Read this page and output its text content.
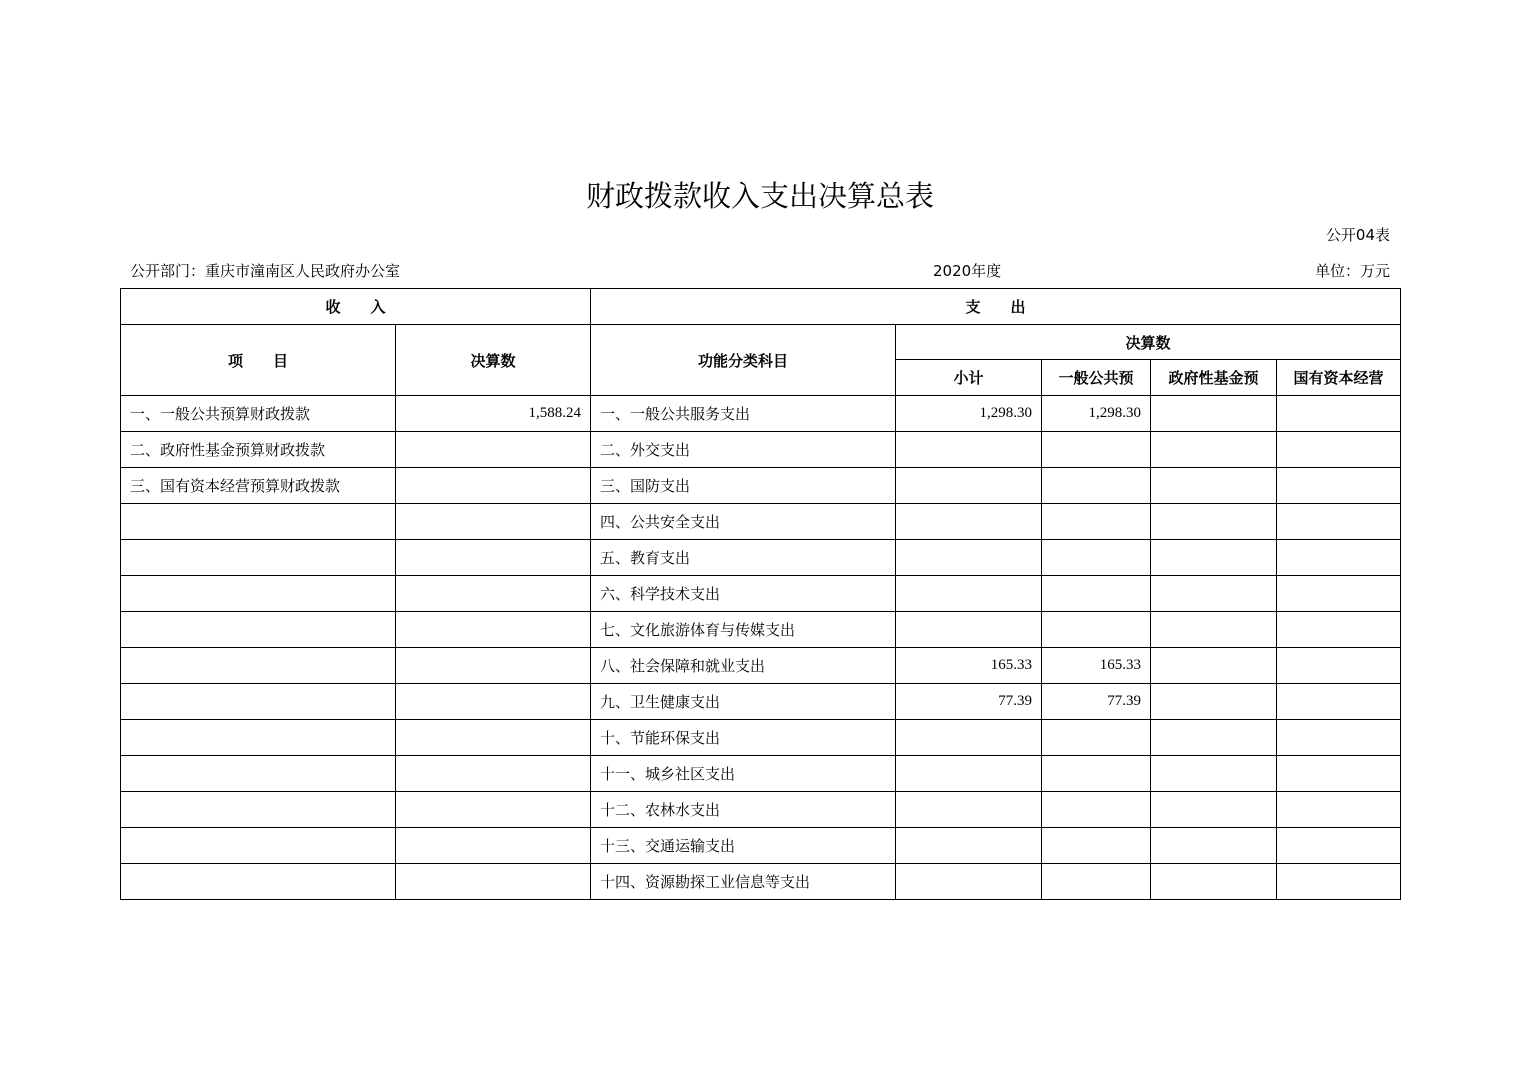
财政拨款收入支出决算总表
公开04表
公开部门：重庆市潼南区人民政府办公室	2020年度	单位：万元
收　　入		支　　出				
项　　目	决算数	功能分类科目	决算数			
			小计	一般公共预	政府性基金预	国有资本经营
一、一般公共预算财政拨款	1,588.24	一、一般公共服务支出	1,298.30	1,298.30		
二、政府性基金预算财政拨款		二、外交支出				
三、国有资本经营预算财政拨款		三、国防支出				
		四、公共安全支出				
		五、教育支出				
		六、科学技术支出				
		七、文化旅游体育与传媒支出				
		八、社会保障和就业支出	165.33	165.33		
		九、卫生健康支出	77.39	77.39		
		十、节能环保支出				
		十一、城乡社区支出				
		十二、农林水支出				
		十三、交通运输支出				
		十四、资源勘探工业信息等支出				
